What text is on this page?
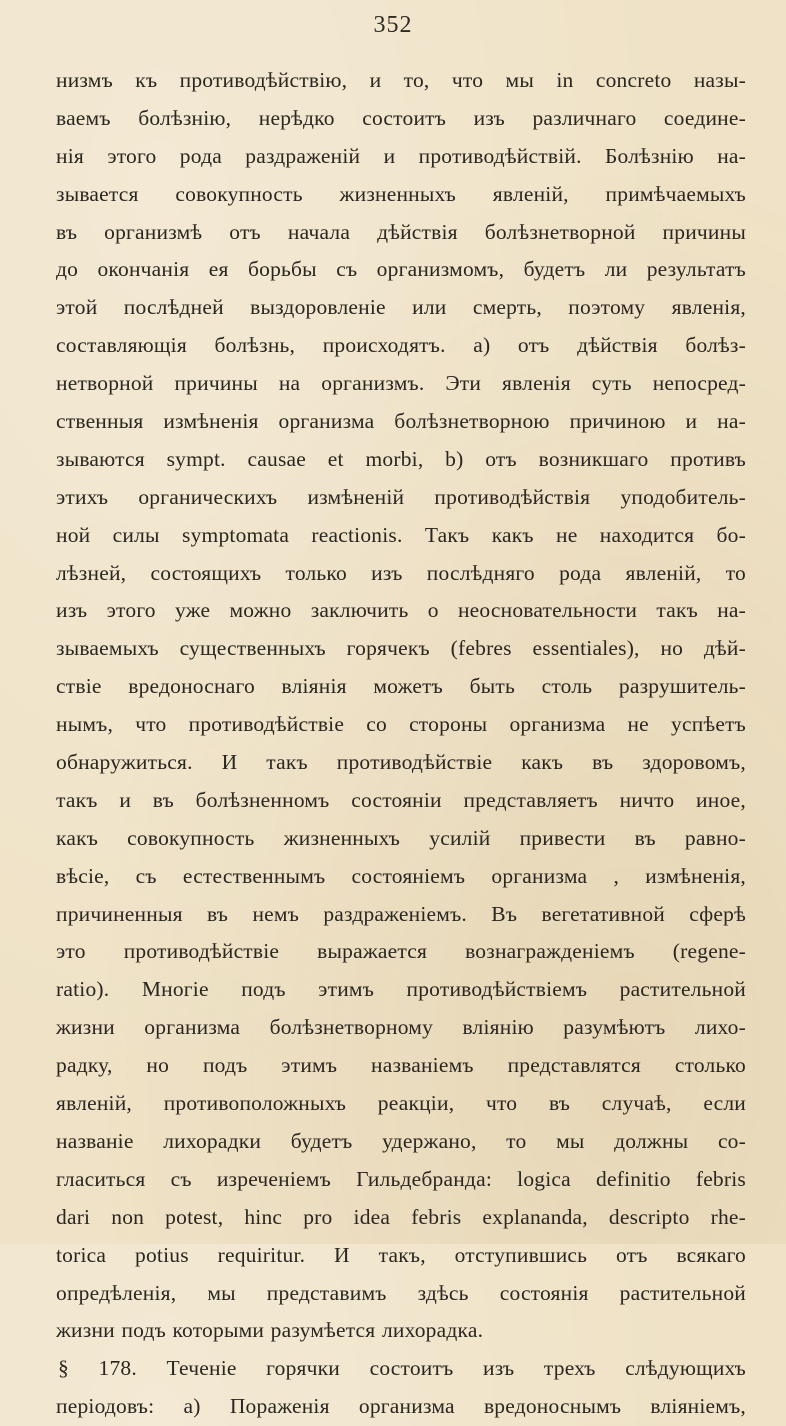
352
низмъ къ противодѣйствію, и то, что мы in concreto назы-
ваемъ болѣзнію, нерѣдко состоитъ изъ различнаго соедине-
нія этого рода раздраженій и противодѣйствій. Болѣзнію на-
зывается совокупность жизненныхъ явленій, примѣчаемыхъ
въ организмѣ отъ начала дѣйствія болѣзнетворной причины
до окончанія ея борьбы съ организмомъ, будетъ ли результатъ
этой послѣдней выздоровленіе или смерть, поэтому явленія,
составляющія болѣзнь, происходятъ. а) отъ дѣйствія болѣз-
нетворной причины на организмъ. Эти явленія суть непосред-
ственныя измѣненія организма болѣзнетворною причиною и на-
зываются sympt. causae et morbi, b) отъ возникшаго противъ
этихъ органическихъ измѣненій противодѣйствія уподобитель-
ной силы symptomata reactionis. Такъ какъ не находится бо-
лѣзней, состоящихъ только изъ послѣдняго рода явленій, то
изъ этого уже можно заключить о неосновательности такъ на-
зываемыхъ существенныхъ горячекъ (febres essentiales), но дѣй-
ствіе вредоноснаго вліянія можетъ быть столь разрушитель-
нымъ, что противодѣйствіе со стороны организма не успѣетъ
обнаружиться. И такъ противодѣйствіе какъ въ здоровомъ,
такъ и въ болѣзненномъ состояніи представляетъ ничто иное,
какъ совокупность жизненныхъ усилій привести въ равно-
вѣсіе, съ естественнымъ состояніемъ организма , измѣненія,
причиненныя въ немъ раздраженіемъ. Въ вегетативной сферѣ
это противодѣйствіе выражается вознагражденіемъ (regene-
ratio). Многіе подъ этимъ противодѣйствіемъ растительной
жизни организма болѣзнетворному вліянію разумѣютъ лихо-
радку, но подъ этимъ названіемъ представлятся столько
явленій, противоположныхъ реакціи, что въ случаѣ, если
названіе лихорадки будетъ удержано, то мы должны со-
гласиться съ изреченіемъ Гильдебранда: logica definitio febris
dari non potest, hinc pro idea febris explananda, descripto rhe-
torica potius requiritur. И такъ, отступившись отъ всякаго
опредѣленія, мы представимъ здѣсь состоянія растительной
жизни подъ которыми разумѣется лихорадка.
§ 178. Теченіе горячки состоитъ изъ трехъ слѣдующихъ
періодовъ: а) Пораженія организма вредоноснымъ вліяніемъ,
